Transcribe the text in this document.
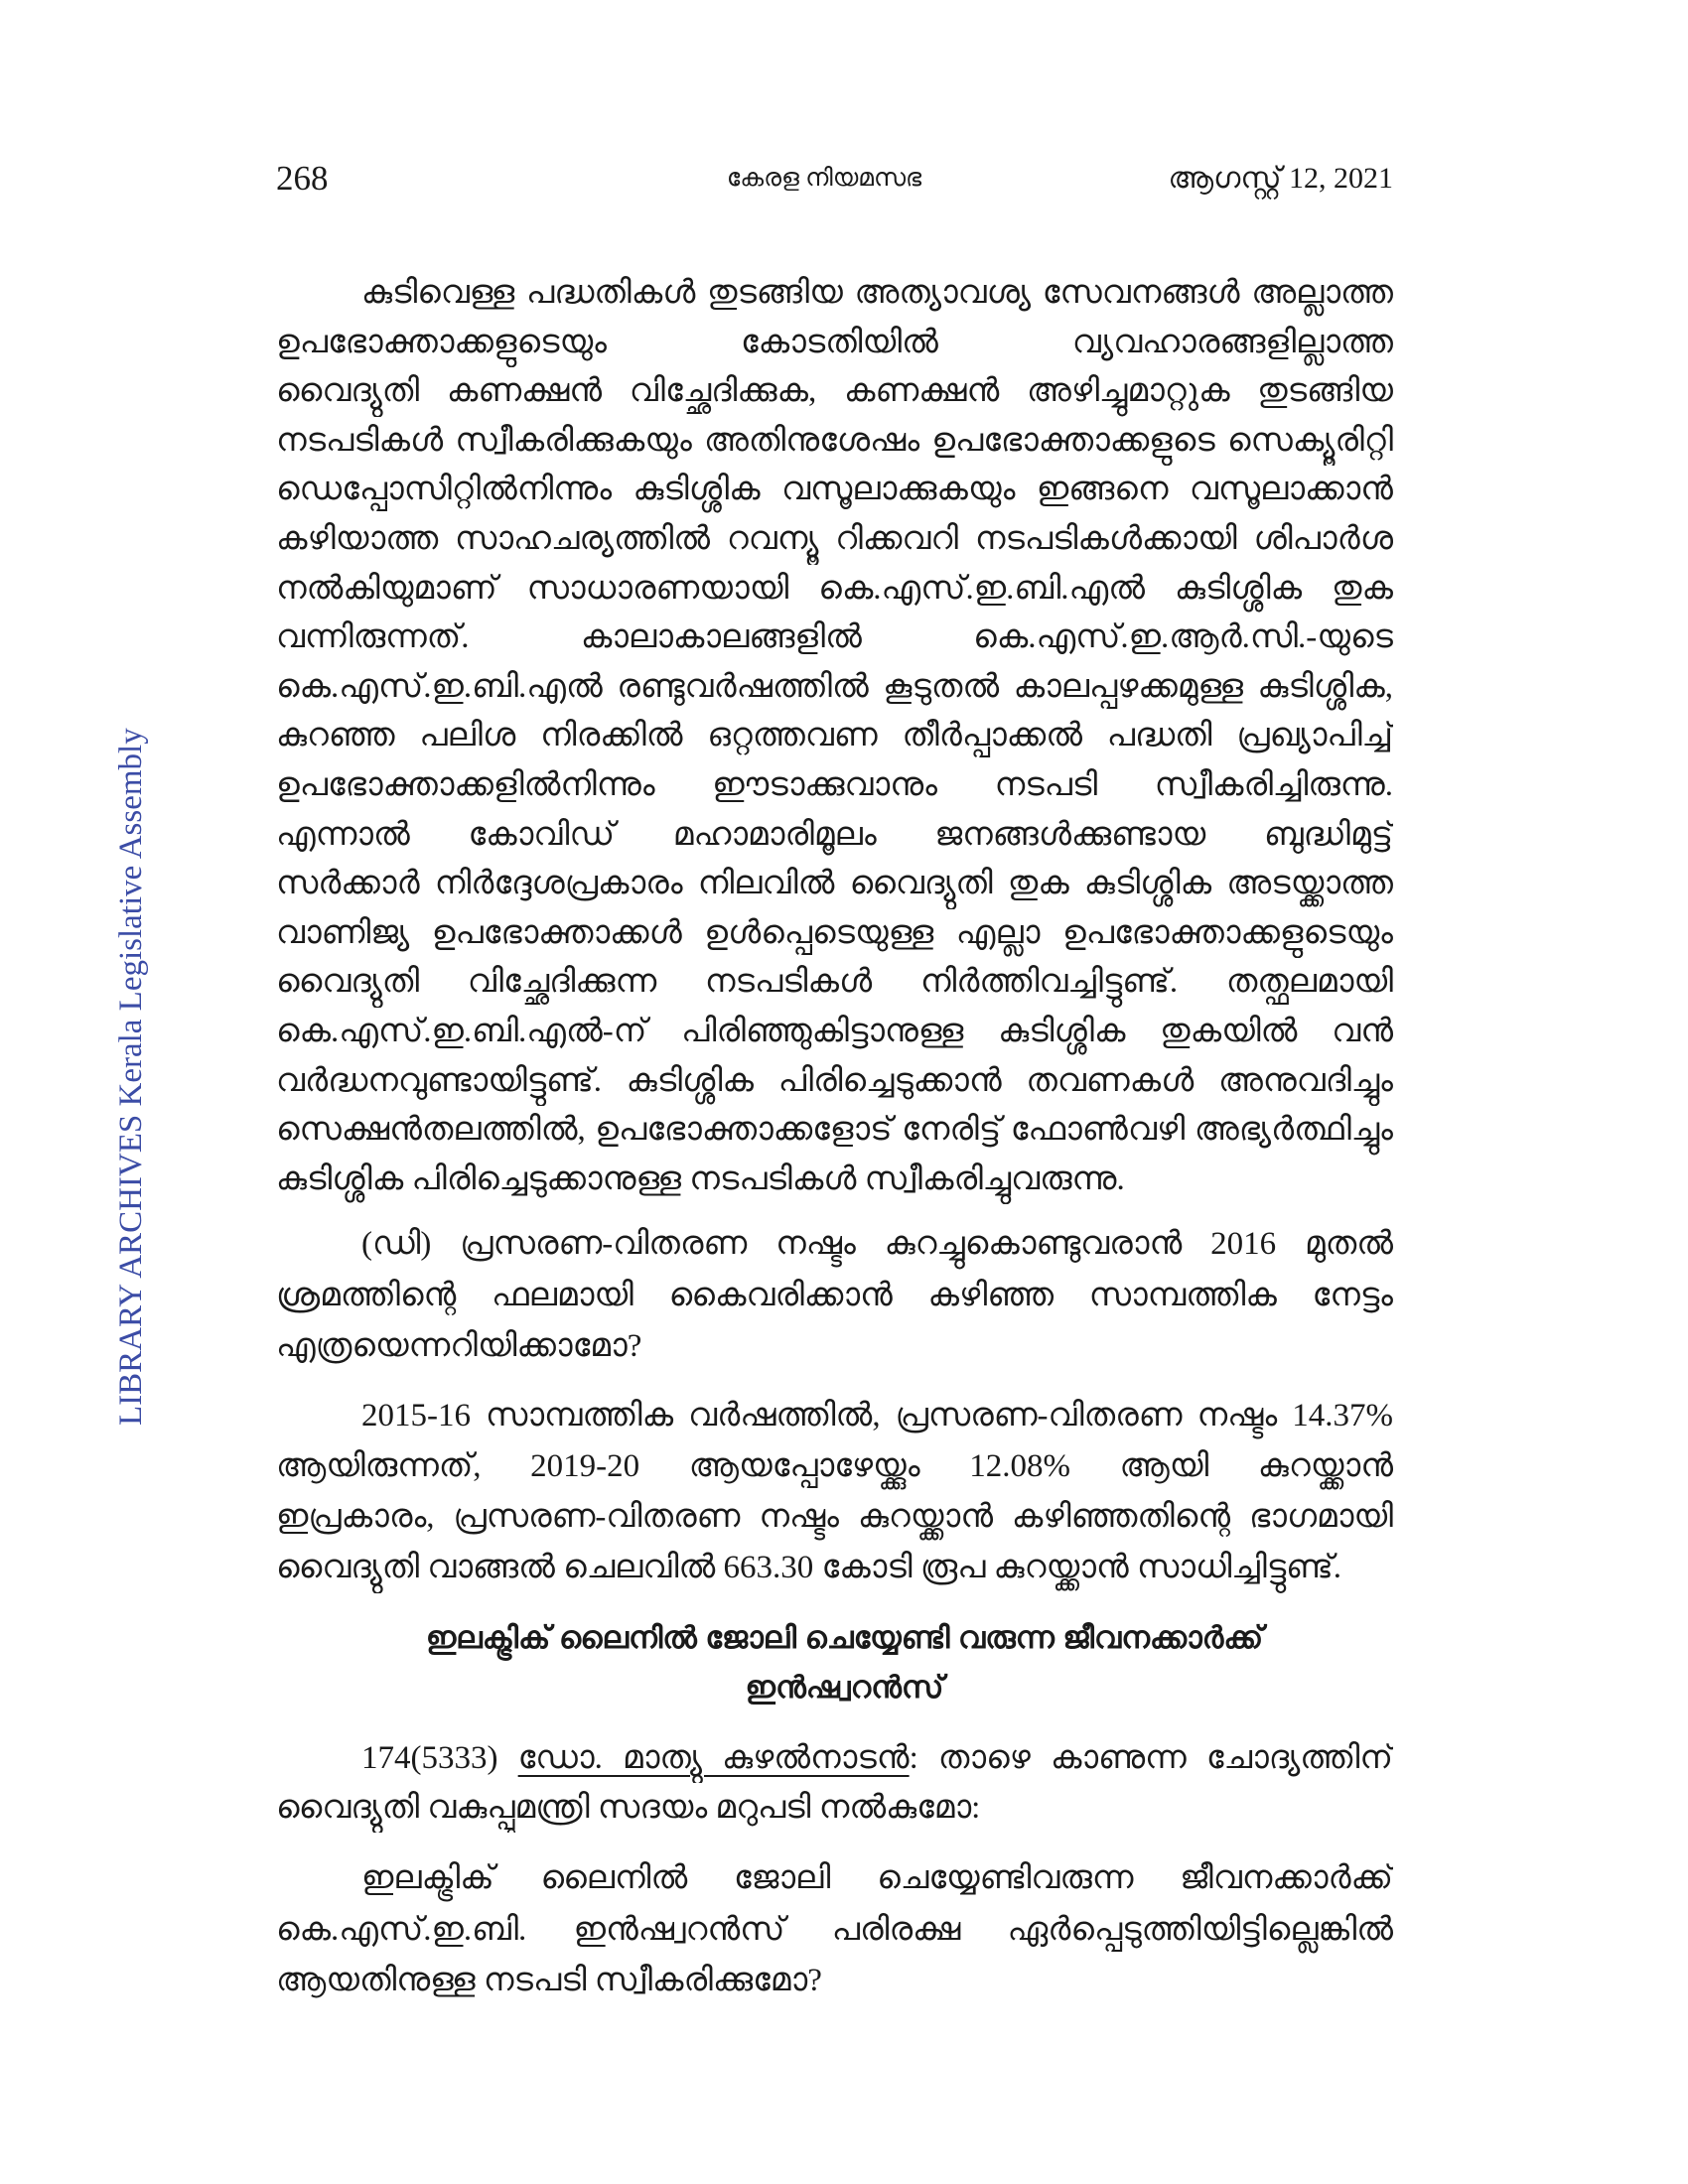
268	കേരള നിയമസഭ	ആഗസ്റ്റ് 12, 2021
LIBRARY ARCHIVES Kerala Legislative Assembly
കുടിവെള്ള പദ്ധതികൾ തുടങ്ങിയ അത്യാവശ്യ സേവനങ്ങൾ അല്ലാത്ത
ഉപഭോക്താക്കളുടെയും കോടതിയിൽ വ്യവഹാരങ്ങളില്ലാത്ത
വൈദ്യുതി കണക്ഷൻ വിച്ഛേദിക്കുക, കണക്ഷൻ അഴിച്ചുമാറ്റുക തുടങ്ങിയ
നടപടികൾ സ്വീകരിക്കുകയും അതിനുശേഷം ഉപഭോക്താക്കളുടെ സെക്യൂരിറ്റി
ഡെപ്പോസിറ്റിൽനിന്നും കുടിശ്ശിക വസൂലാക്കുകയും ഇങ്ങനെ വസൂലാക്കാൻ
കഴിയാത്ത സാഹചര്യത്തിൽ റവന്യൂ റിക്കവറി നടപടികൾക്കായി ശിപാർശ
നൽകിയുമാണ് സാധാരണയായി കെ.എസ്.ഇ.ബി.എൽ കുടിശ്ശിക തുക
വന്നിരുന്നത്. കാലാകാലങ്ങളിൽ കെ.എസ്.ഇ.ആർ.സി.-യുടെ
കെ.എസ്.ഇ.ബി.എൽ രണ്ടുവർഷത്തിൽ കൂടുതൽ കാലപ്പഴക്കമുള്ള കുടിശ്ശിക,
കുറഞ്ഞ പലിശ നിരക്കിൽ ഒറ്റത്തവണ തീർപ്പാക്കൽ പദ്ധതി പ്രഖ്യാപിച്ച്
ഉപഭോക്താക്കളിൽനിന്നും ഈടാക്കുവാനും നടപടി സ്വീകരിച്ചിരുന്നു.
എന്നാൽ കോവിഡ് മഹാമാരിമൂലം ജനങ്ങൾക്കുണ്ടായ ബുദ്ധിമുട്ട്
സർക്കാർ നിർദ്ദേശപ്രകാരം നിലവിൽ വൈദ്യുതി തുക കുടിശ്ശിക അടയ്ക്കാത്ത
വാണിജ്യ ഉപഭോക്താക്കൾ ഉൾപ്പെടെയുള്ള എല്ലാ ഉപഭോക്താക്കളുടെയും
വൈദ്യുതി വിച്ഛേദിക്കുന്ന നടപടികൾ നിർത്തിവച്ചിട്ടുണ്ട്. തത്ഫലമായി
കെ.എസ്.ഇ.ബി.എൽ-ന് പിരിഞ്ഞുകിട്ടാനുള്ള കുടിശ്ശിക തുകയിൽ വൻ
വർദ്ധനവുണ്ടായിട്ടുണ്ട്. കുടിശ്ശിക പിരിച്ചെടുക്കാൻ തവണകൾ അനുവദിച്ചും
സെക്ഷൻതലത്തിൽ, ഉപഭോക്താക്കളോട് നേരിട്ട് ഫോൺവഴി അഭ്യർത്ഥിച്ചും
കുടിശ്ശിക പിരിച്ചെടുക്കാനുള്ള നടപടികൾ സ്വീകരിച്ചുവരുന്നു.
(ഡി) പ്രസരണ-വിതരണ നഷ്ടം കുറച്ചുകൊണ്ടുവരാൻ 2016 മുതൽ
ശ്രമത്തിന്റെ ഫലമായി കൈവരിക്കാൻ കഴിഞ്ഞ സാമ്പത്തിക നേട്ടം
എത്രയെന്നറിയിക്കാമോ?
2015-16 സാമ്പത്തിക വർഷത്തിൽ, പ്രസരണ-വിതരണ നഷ്ടം 14.37%
ആയിരുന്നത്, 2019-20 ആയപ്പോഴേയ്ക്കും 12.08% ആയി കുറയ്ക്കാൻ
ഇപ്രകാരം, പ്രസരണ-വിതരണ നഷ്ടം കുറയ്ക്കാൻ കഴിഞ്ഞതിന്റെ ഭാഗമായി
വൈദ്യുതി വാങ്ങൽ ചെലവിൽ 663.30 കോടി രൂപ കുറയ്ക്കാൻ സാധിച്ചിട്ടുണ്ട്.
ഇലക്ട്രിക് ലൈനിൽ ജോലി ചെയ്യേണ്ടി വരുന്ന ജീവനക്കാർക്ക്
ഇൻഷ്വറൻസ്
174(5333) ഡോ. മാത്യു കുഴൽനാടൻ: താഴെ കാണുന്ന ചോദ്യത്തിന്
വൈദ്യുതി വകുപ്പുമന്ത്രി സദയം മറുപടി നൽകുമോ:
ഇലക്ട്രിക് ലൈനിൽ ജോലി ചെയ്യേണ്ടിവരുന്ന ജീവനക്കാർക്ക്
കെ.എസ്.ഇ.ബി. ഇൻഷ്വറൻസ് പരിരക്ഷ ഏർപ്പെടുത്തിയിട്ടില്ലെങ്കിൽ
ആയതിനുള്ള നടപടി സ്വീകരിക്കുമോ?
